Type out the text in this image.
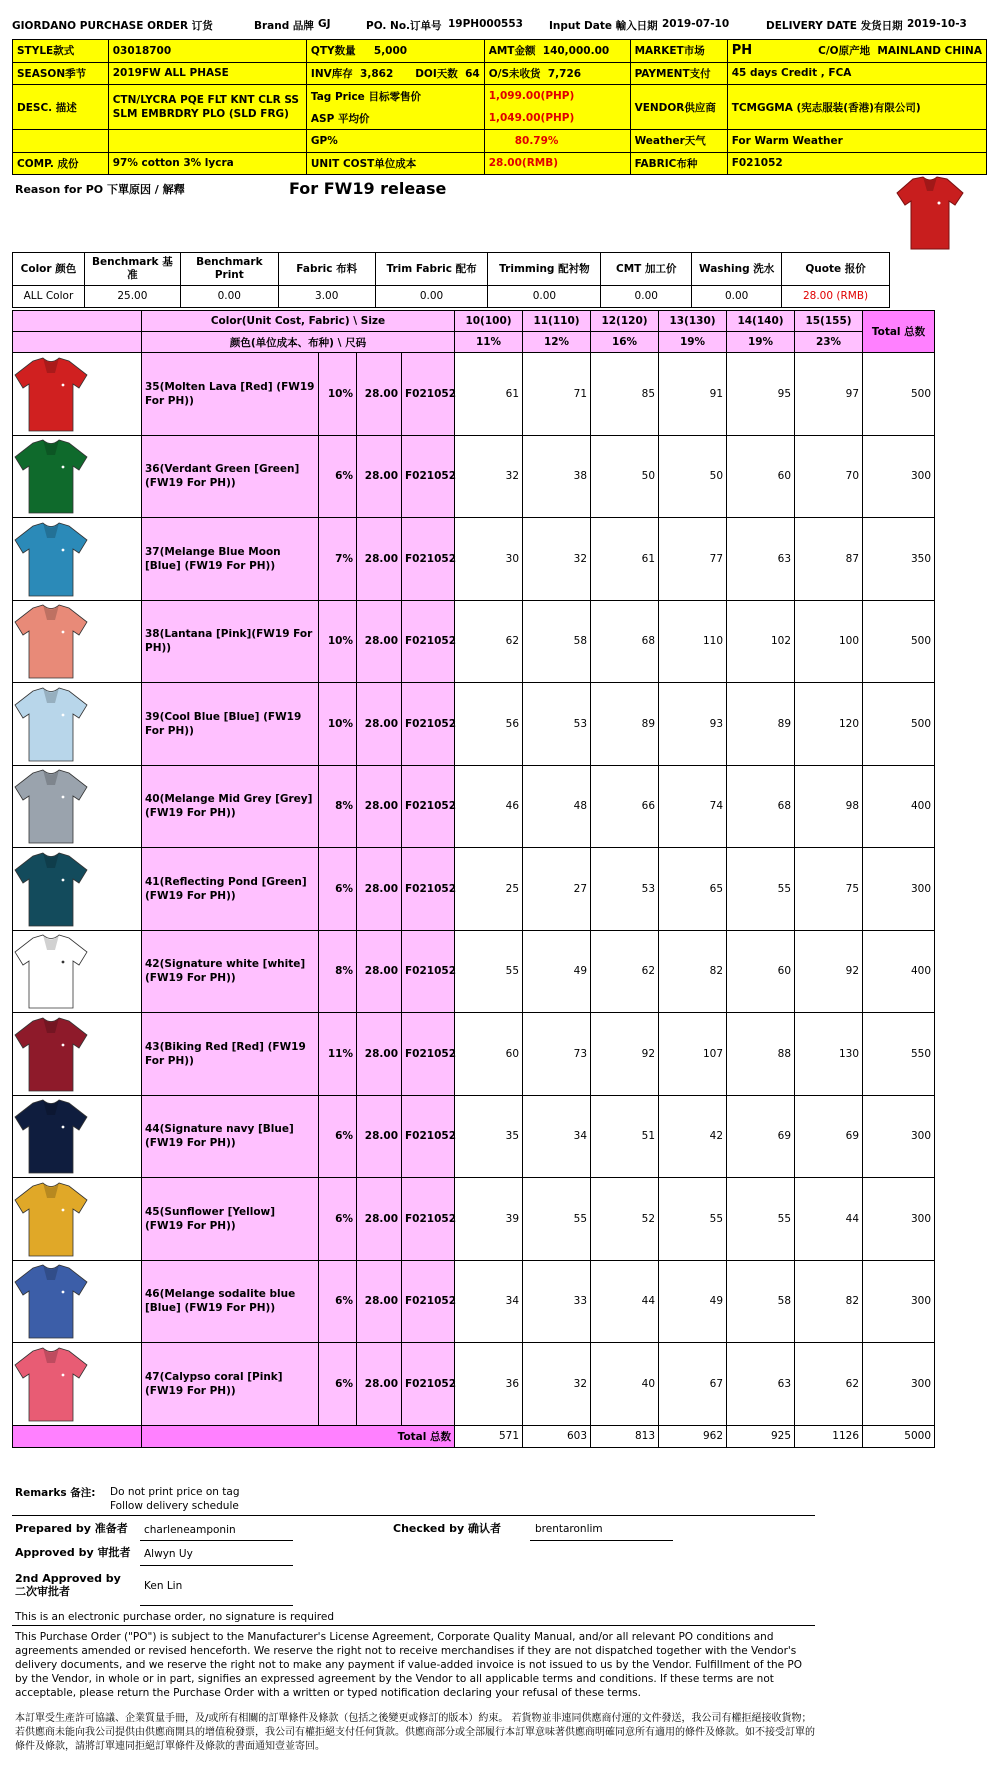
GIORDANO PURCHASE ORDER 订货	Brand 品牌 GJ	PO. No.订单号 19PH000553 Input Date 輸入日期 2019-07-10	DELIVERY DATE 发货日期 2019-10-3
STYLE款式	03018700	QTY数量 5,000	AMT金额 140,000.00	MARKET市场	PH C/O原产地 MAINLAND CHINA
SEASON季节	2019FW ALL PHASE	INV库存 3,862 DOI天数 64	O/S未收货 7,726	PAYMENT支付	45 days Credit , FCA
DESC. 描述	CTN/LYCRA PQE FLT KNT CLR SS
SLM EMBRDRY PLO (SLD FRG)	Tag Price 目标零售价	1,099.00(PHP)	VENDOR供应商	TCMGGMA (宪志服装(香港)有限公司)
		ASP 平均价	1,049.00(PHP)		
		GP%	80.79%	Weather天气	For Warm Weather
COMP. 成份	97% cotton 3% lycra	UNIT COST单位成本	28.00(RMB)	FABRIC布种	F021052
Reason for PO 下單原因 / 解釋	For FW19 release
Color 颜色	Benchmark 基准	Benchmark Print	Fabric 布料	Trim Fabric 配布	Trimming 配衬物	CMT 加工价	Washing 洗水	Quote 报价
ALL Color	25.00	0.00	3.00	0.00	0.00	0.00	0.00	28.00 (RMB)
	Color(Unit Cost, Fabric) \ Size				10(100)	11(110)	12(120)	13(130)	14(140)	15(155)	Total 总数
	颜色(单位成本、布种) \ 尺码				11%	12%	16%	19%	19%	23%	

	35(Molten Lava [Red] (FW19 For PH))	10%	28.00	F021052	61	71	85	91	95	97	500

	36(Verdant Green [Green] (FW19 For PH))	6%	28.00	F021052	32	38	50	50	60	70	300

	37(Melange Blue Moon [Blue] (FW19 For PH))	7%	28.00	F021052	30	32	61	77	63	87	350

	38(Lantana [Pink](FW19 For PH))	10%	28.00	F021052	62	58	68	110	102	100	500

	39(Cool Blue [Blue] (FW19 For PH))	10%	28.00	F021052	56	53	89	93	89	120	500

	40(Melange Mid Grey [Grey] (FW19 For PH))	8%	28.00	F021052	46	48	66	74	68	98	400

	41(Reflecting Pond [Green] (FW19 For PH))	6%	28.00	F021052	25	27	53	65	55	75	300

	42(Signature white [white] (FW19 For PH))	8%	28.00	F021052	55	49	62	82	60	92	400

	43(Biking Red [Red] (FW19 For PH))	11%	28.00	F021052	60	73	92	107	88	130	550

	44(Signature navy [Blue] (FW19 For PH))	6%	28.00	F021052	35	34	51	42	69	69	300

	45(Sunflower [Yellow] (FW19 For PH))	6%	28.00	F021052	39	55	52	55	55	44	300

	46(Melange sodalite blue [Blue] (FW19 For PH))	6%	28.00	F021052	34	33	44	49	58	82	300

	47(Calypso coral [Pink](FW19 For PH))	6%	28.00	F021052	36	32	40	67	63	62	300
	Total 总数				571	603	813	962	925	1126	5000
Remarks 备注: Do not print price on tag
Follow delivery schedule
Prepared by 准备者 charleneamponin	Checked by 确认者	brentaronlim
Approved by 审批者 Alwyn Uy
2nd Approved by
二次审批者	Ken Lin
This is an electronic purchase order, no signature is required
This Purchase Order ("PO") is subject to the Manufacturer's License Agreement, Corporate Quality Manual, and/or all relevant PO conditions and agreements amended or revised henceforth. We reserve the right not to receive merchandises if they are not dispatched together with the Vendor's delivery documents, and we reserve the right not to make any payment if value-added invoice is not issued to us by the Vendor. Fulfillment of the PO by the Vendor, in whole or in part, signifies an expressed agreement by the Vendor to all applicable terms and conditions. If these terms are not acceptable, please return the Purchase Order with a written or typed notification declaring your refusal of these terms.
本訂單受生產許可協議、企業質量手冊，及/或所有相關的訂單條件及條款（包括之後變更或修訂的版本）約束。 若貨物並非連同供應商付運的文件發送，我公司有權拒絕接收貨物；若供應商未能向我公司提供由供應商開具的增值稅發票，我公司有權拒絕支付任何貨款。供應商部分或全部履行本訂單意味著供應商明確同意所有適用的條件及條款。如不接受訂單的條件及條款，請將訂單連同拒絕訂單條件及條款的書面通知壹並寄回。
